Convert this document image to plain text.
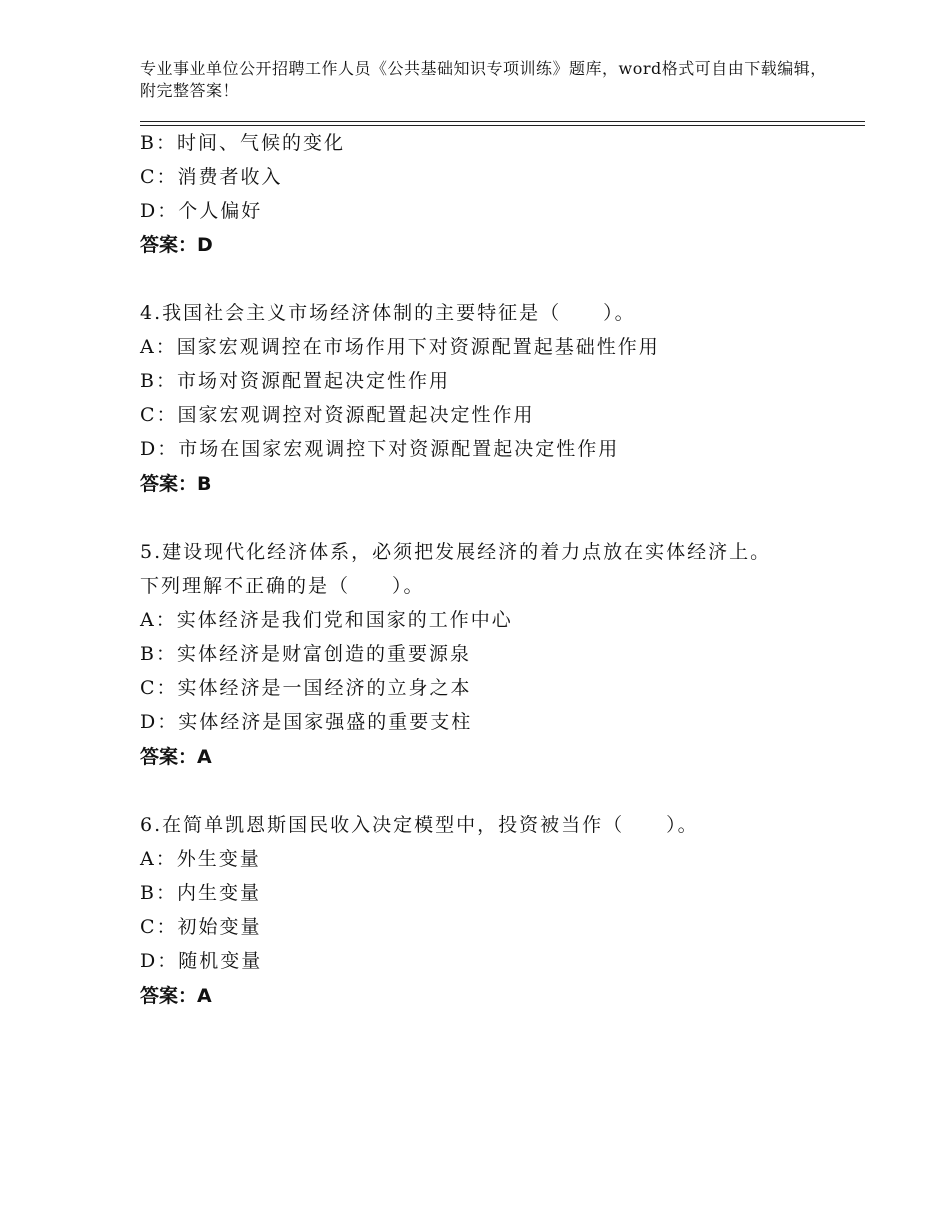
专业事业单位公开招聘工作人员《公共基础知识专项训练》题库，word格式可自由下载编辑，附完整答案！
B：时间、气候的变化
C：消费者收入
D：个人偏好
答案：D
4.我国社会主义市场经济体制的主要特征是（　　）。
A：国家宏观调控在市场作用下对资源配置起基础性作用
B：市场对资源配置起决定性作用
C：国家宏观调控对资源配置起决定性作用
D：市场在国家宏观调控下对资源配置起决定性作用
答案：B
5.建设现代化经济体系，必须把发展经济的着力点放在实体经济上。
下列理解不正确的是（　　）。
A：实体经济是我们党和国家的工作中心
B：实体经济是财富创造的重要源泉
C：实体经济是一国经济的立身之本
D：实体经济是国家强盛的重要支柱
答案：A
6.在简单凯恩斯国民收入决定模型中，投资被当作（　　）。
A：外生变量
B：内生变量
C：初始变量
D：随机变量
答案：A
